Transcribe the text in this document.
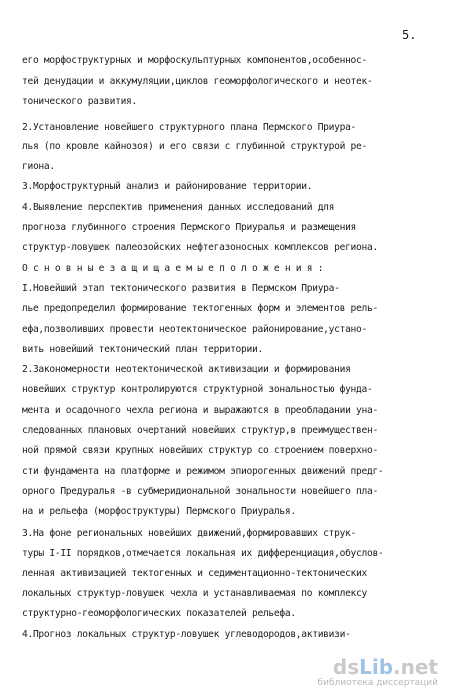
5.
его морфоструктурных и морфоскульптурных компонентов,особеннос-
тей денудации и аккумуляции,циклов геоморфологического и неотек-
тонического развития.
2.Установление новейшего структурного плана Пермского Приура-
лья (по кровле кайнозоя) и его связи с глубинной структурой ре-
гиона.
3.Морфоструктурный анализ и районирование территории.
4.Выявление перспектив применения данных исследований для
прогноза глубинного строения Пермского Приуралья и размещения
структур-ловушек палеозойских нефтегазоносных комплексов региона.
О с н о в н ы е з а щ и щ а е м ы е п о л о ж е н и я :
I.Новейший этап тектонического развития в Пермском Приура-
лье предопределил формирование тектогенных форм и элементов рель-
ефа,позволивших провести неотектоническое районирование,устано-
вить новейший тектонический план территории.
2.Закономерности неотектонической активизации и формирования
новейших структур контролируются структурной зональностью фунда-
мента и осадочного чехла региона и выражаются в преобладании уна-
следованных плановых очертаний новейших структур,в преимуществен-
ной прямой связи крупных новейших структур со строением поверхно-
сти фундамента на платформе и режимом эпиорогенных движений предг-
орного Предуралья -в субмеридиональной зональности новейшего пла-
на и рельефа (морфоструктуры) Пермского Приуралья.
3.На фоне региональных новейших движений,формировавших струк-
туры I-II порядков,отмечается локальная их дифференциация,обуслов-
ленная активизацией тектогенных и седиментационно-тектонических
локальных структур-ловушек чехла и устанавливаемая по комплексу
структурно-геоморфологических показателей рельефа.
4.Прогноз локальных структур-ловушек углеводородов,активизи-
dsLib.net
библиотека диссертаций
